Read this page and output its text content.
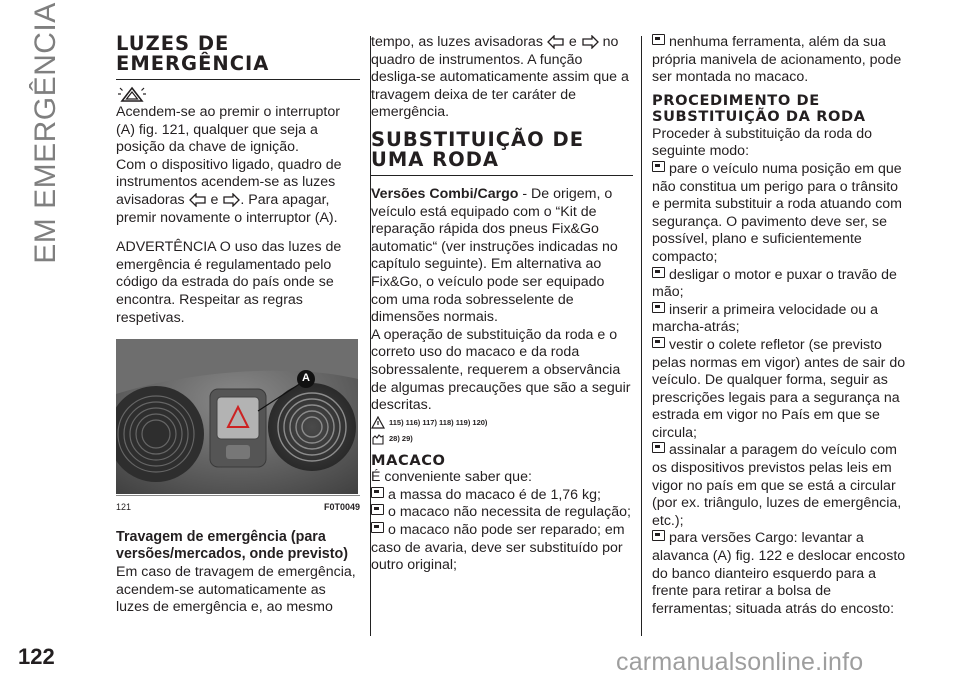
EM EMERGÊNCIA
122	carmanualsonline.info
LUZES DE EMERGÊNCIA

Acendem-se ao premir o interruptor (A) fig. 121, qualquer que seja a posição da chave de ignição.

Com o dispositivo ligado, quadro de instrumentos acendem-se as luzes avisadoras e . Para apagar, premir novamente o interruptor (A).

ADVERTÊNCIA O uso das luzes de emergência é regulamentado pelo código da estrada do país onde se encontra. Respeitar as regras respetivas.

A
121	F0T0049

Travagem de emergência (para versões/mercados, onde previsto)

Em caso de travagem de emergência, acendem-se automaticamente as luzes de emergência e, ao mesmo

tempo, as luzes avisadoras e no quadro de instrumentos. A função desliga-se automaticamente assim que a travagem deixa de ter caráter de emergência.

SUBSTITUIÇÃO DE UMA RODA

Versões Combi/Cargo - De origem, o veículo está equipado com o “Kit de reparação rápida dos pneus Fix&Go automatic“ (ver instruções indicadas no capítulo seguinte). Em alternativa ao Fix&Go, o veículo pode ser equipado com uma roda sobresselente de dimensões normais.

A operação de substituição da roda e o correto uso do macaco e da roda sobressalente, requerem a observância de algumas precauções que são a seguir descritas.

115) 116) 117) 118) 119) 120)
28) 29)
MACACO

É conveniente saber que:

a massa do macaco é de 1,76 kg;

o macaco não necessita de regulação;

o macaco não pode ser reparado; em caso de avaria, deve ser substituído por outro original;

nenhuma ferramenta, além da sua própria manivela de acionamento, pode ser montada no macaco.

PROCEDIMENTO DE SUBSTITUIÇÃO DA RODA

Proceder à substituição da roda do seguinte modo:

pare o veículo numa posição em que não constitua um perigo para o trânsito e permita substituir a roda atuando com segurança. O pavimento deve ser, se possível, plano e suficientemente compacto;

desligar o motor e puxar o travão de mão;

inserir a primeira velocidade ou a marcha-atrás;

vestir o colete refletor (se previsto pelas normas em vigor) antes de sair do veículo. De qualquer forma, seguir as prescrições legais para a segurança na estrada em vigor no País em que se circula;

assinalar a paragem do veículo com os dispositivos previstos pelas leis em vigor no país em que se está a circular (por ex. triângulo, luzes de emergência, etc.);

para versões Cargo: levantar a alavanca (A) fig. 122 e deslocar encosto do banco dianteiro esquerdo para a frente para retirar a bolsa de ferramentas; situada atrás do encosto:
